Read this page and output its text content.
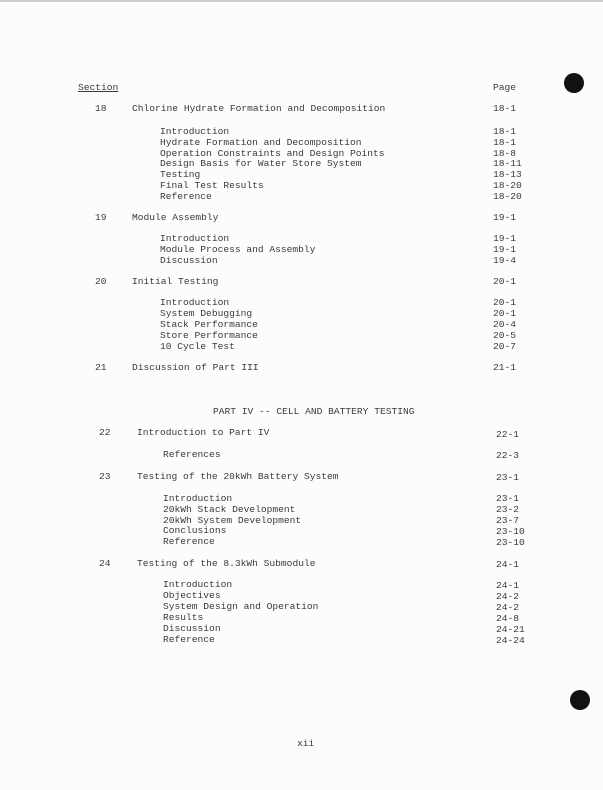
Section	Page
18	Chlorine Hydrate Formation and Decomposition	18-1
Introduction	18-1
Hydrate Formation and Decomposition	18-1
Operation Constraints and Design Points	18-8
Design Basis for Water Store System	18-11
Testing	18-13
Final Test Results	18-20
Reference	18-20
19	Module Assembly	19-1
Introduction	19-1
Module Process and Assembly	19-1
Discussion	19-4
20	Initial Testing	20-1
Introduction	20-1
System Debugging	20-1
Stack Performance	20-4
Store Performance	20-5
10 Cycle Test	20-7
21	Discussion of Part III	21-1
PART IV -- CELL AND BATTERY TESTING
22	Introduction to Part IV	22-1
References	22-3
23	Testing of the 20kWh Battery System	23-1
Introduction	23-1
20kWh Stack Development	23-2
20kWh System Development	23-7
Conclusions	23-10
Reference	23-10
24	Testing of the 8.3kWh Submodule	24-1
Introduction	24-1
Objectives	24-2
System Design and Operation	24-2
Results	24-8
Discussion	24-21
Reference	24-24
xii
